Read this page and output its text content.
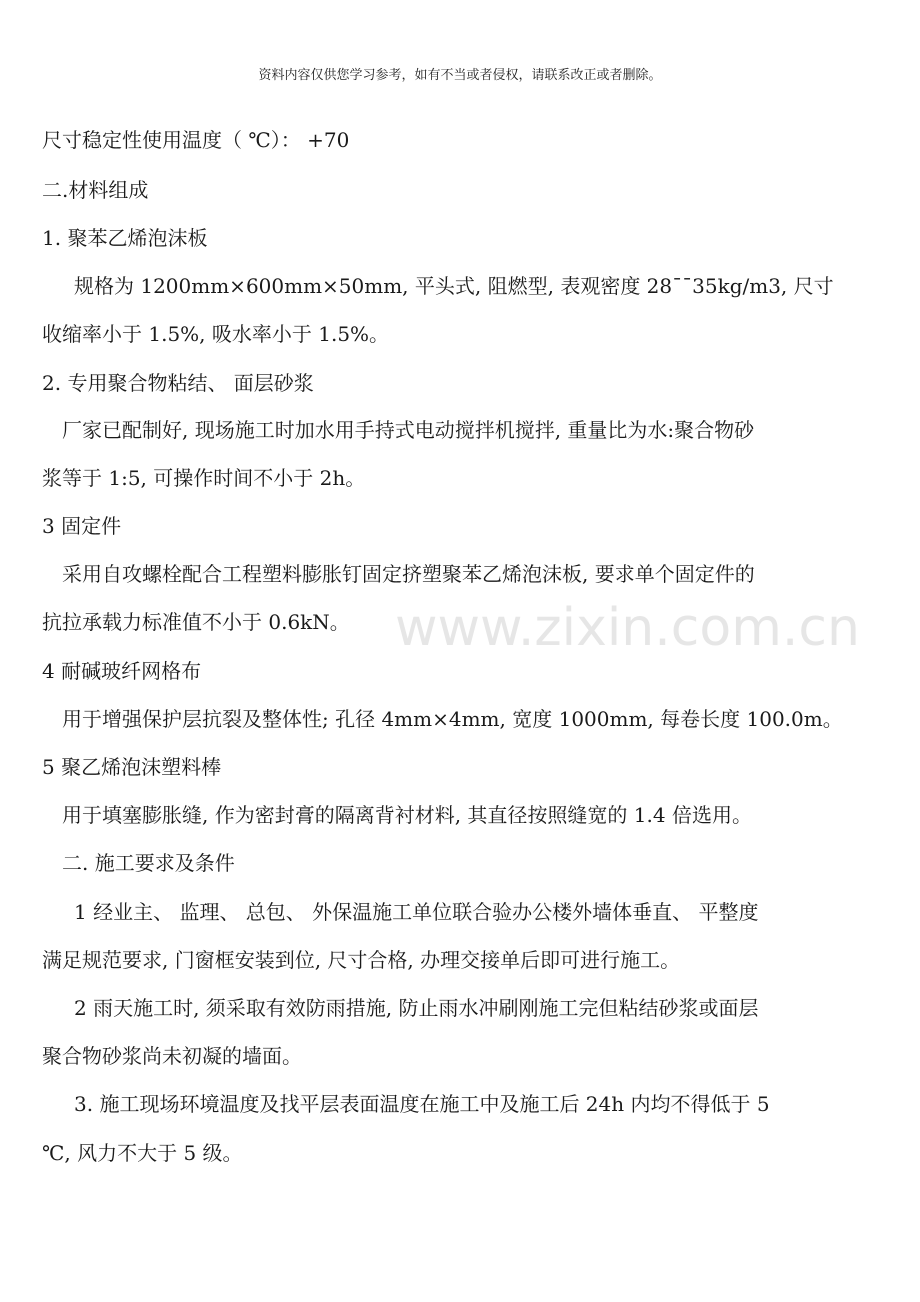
资料内容仅供您学习参考，如有不当或者侵权，请联系改正或者删除。
www.zixin.com.cn
尺寸稳定性使用温度（ ℃）： +70
二.材料组成
1. 聚苯乙烯泡沫板
规格为 1200mm×600mm×50mm, 平头式, 阻燃型, 表观密度 28¯¯35kg/m3, 尺寸
收缩率小于 1.5%, 吸水率小于 1.5%。
2. 专用聚合物粘结、 面层砂浆
厂家已配制好, 现场施工时加水用手持式电动搅拌机搅拌, 重量比为水:聚合物砂
浆等于 1:5, 可操作时间不小于 2h。
3 固定件
采用自攻螺栓配合工程塑料膨胀钉固定挤塑聚苯乙烯泡沫板, 要求单个固定件的
抗拉承载力标准值不小于 0.6kN。
4 耐碱玻纤网格布
用于增强保护层抗裂及整体性; 孔径 4mm×4mm, 宽度 1000mm, 每卷长度 100.0m。
5 聚乙烯泡沫塑料棒
用于填塞膨胀缝, 作为密封膏的隔离背衬材料, 其直径按照缝宽的 1.4 倍选用。
二. 施工要求及条件
1 经业主、 监理、 总包、 外保温施工单位联合验办公楼外墙体垂直、 平整度
满足规范要求, 门窗框安装到位, 尺寸合格, 办理交接单后即可进行施工。
2 雨天施工时, 须采取有效防雨措施, 防止雨水冲刷刚施工完但粘结砂浆或面层
聚合物砂浆尚未初凝的墙面。
3. 施工现场环境温度及找平层表面温度在施工中及施工后 24h 内均不得低于 5
℃, 风力不大于 5 级。
